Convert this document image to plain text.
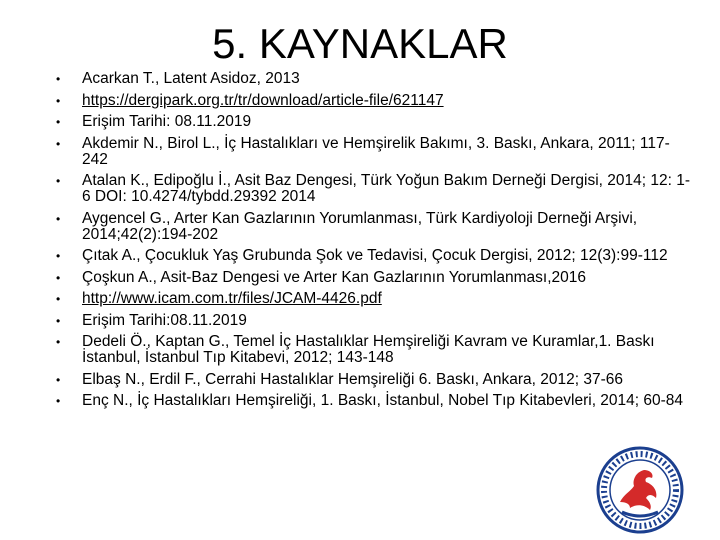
5. KAYNAKLAR
• Acarkan T., Latent Asidoz, 2013
• https://dergipark.org.tr/tr/download/article-file/621147
• Erişim Tarihi: 08.11.2019
• Akdemir N., Birol L., İç Hastalıkları ve Hemşirelik Bakımı, 3. Baskı, Ankara, 2011; 117-242
• Atalan K., Edipoğlu İ., Asit Baz Dengesi, Türk Yoğun Bakım Derneği Dergisi, 2014; 12: 1-6 DOI: 10.4274/tybdd.29392 2014
• Aygencel G., Arter Kan Gazlarının Yorumlanması, Türk Kardiyoloji Derneği Arşivi, 2014;42(2):194-202
• Çıtak A., Çocukluk Yaş Grubunda Şok ve Tedavisi, Çocuk Dergisi, 2012; 12(3):99-112
• Çoşkun A., Asit-Baz Dengesi ve Arter Kan Gazlarının Yorumlanması,2016
• http://www.icam.com.tr/files/JCAM-4426.pdf
• Erişim Tarihi:08.11.2019
• Dedeli Ö., Kaptan G., Temel İç Hastalıklar Hemşireliği Kavram ve Kuramlar,1. Baskı İstanbul, İstanbul Tıp Kitabevi, 2012; 143-148
• Elbaş N., Erdil F., Cerrahi Hastalıklar Hemşireliği 6. Baskı, Ankara, 2012; 37-66
• Enç N., İç Hastalıkları Hemşireliği, 1. Baskı, İstanbul, Nobel Tıp Kitabevleri, 2014; 60-84
